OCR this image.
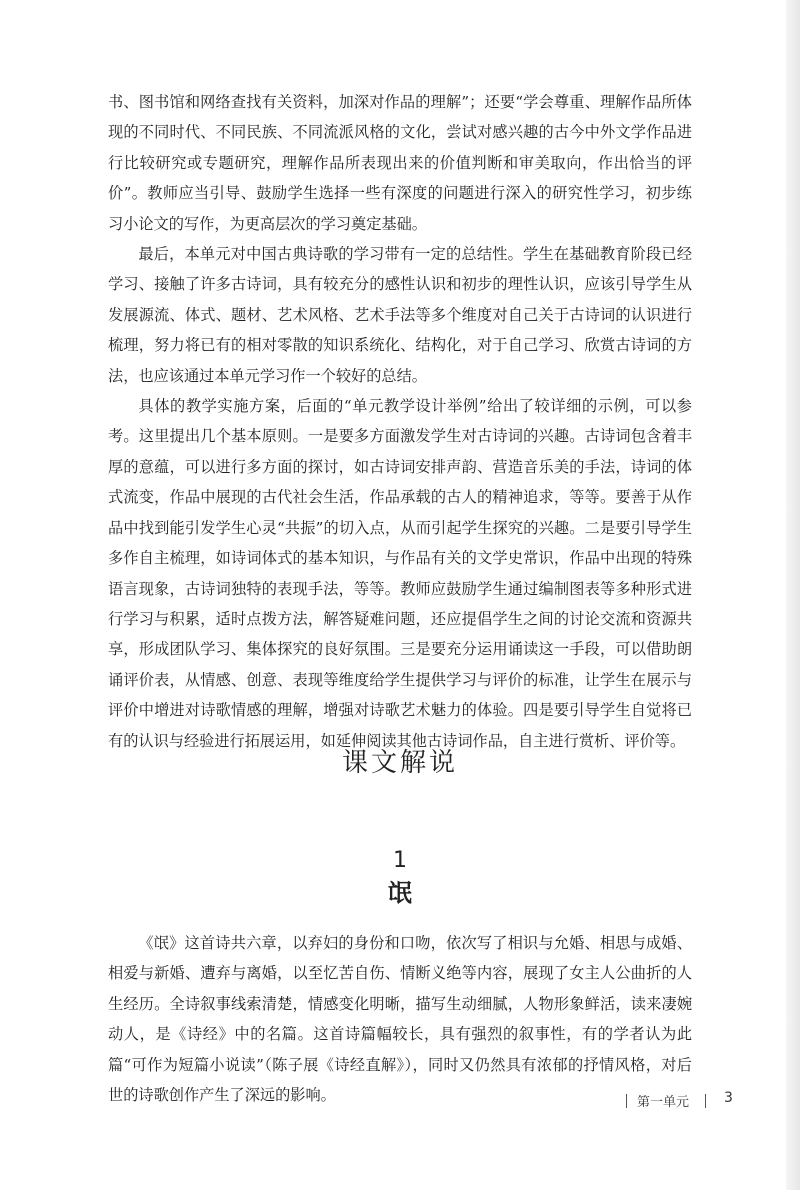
书、图书馆和网络查找有关资料，加深对作品的理解”；还要“学会尊重、理解作品所体现的不同时代、不同民族、不同流派风格的文化，尝试对感兴趣的古今中外文学作品进行比较研究或专题研究，理解作品所表现出来的价值判断和审美取向，作出恰当的评价”。教师应当引导、鼓励学生选择一些有深度的问题进行深入的研究性学习，初步练习小论文的写作，为更高层次的学习奠定基础。

最后，本单元对中国古典诗歌的学习带有一定的总结性。学生在基础教育阶段已经学习、接触了许多古诗词，具有较充分的感性认识和初步的理性认识，应该引导学生从发展源流、体式、题材、艺术风格、艺术手法等多个维度对自己关于古诗词的认识进行梳理，努力将已有的相对零散的知识系统化、结构化，对于自己学习、欣赏古诗词的方法，也应该通过本单元学习作一个较好的总结。

具体的教学实施方案，后面的“单元教学设计举例”给出了较详细的示例，可以参考。这里提出几个基本原则。一是要多方面激发学生对古诗词的兴趣。古诗词包含着丰厚的意蕴，可以进行多方面的探讨，如古诗词安排声韵、营造音乐美的手法，诗词的体式流变，作品中展现的古代社会生活，作品承载的古人的精神追求，等等。要善于从作品中找到能引发学生心灵“共振”的切入点，从而引起学生探究的兴趣。二是要引导学生多作自主梳理，如诗词体式的基本知识，与作品有关的文学史常识，作品中出现的特殊语言现象，古诗词独特的表现手法，等等。教师应鼓励学生通过编制图表等多种形式进行学习与积累，适时点拨方法，解答疑难问题，还应提倡学生之间的讨论交流和资源共享，形成团队学习、集体探究的良好氛围。三是要充分运用诵读这一手段，可以借助朗诵评价表，从情感、创意、表现等维度给学生提供学习与评价的标准，让学生在展示与评价中增进对诗歌情感的理解，增强对诗歌艺术魅力的体验。四是要引导学生自觉将已有的认识与经验进行拓展运用，如延伸阅读其他古诗词作品，自主进行赏析、评价等。

课文解说
1
氓

《氓》这首诗共六章，以弃妇的身份和口吻，依次写了相识与允婚、相思与成婚、相爱与新婚、遭弃与离婚，以至忆苦自伤、情断义绝等内容，展现了女主人公曲折的人生经历。全诗叙事线索清楚，情感变化明晰，描写生动细腻，人物形象鲜活，读来凄婉动人，是《诗经》中的名篇。这首诗篇幅较长，具有强烈的叙事性，有的学者认为此篇“可作为短篇小说读”（陈子展《诗经直解》），同时又仍然具有浓郁的抒情风格，对后世的诗歌创作产生了深远的影响。	第一单元 3
